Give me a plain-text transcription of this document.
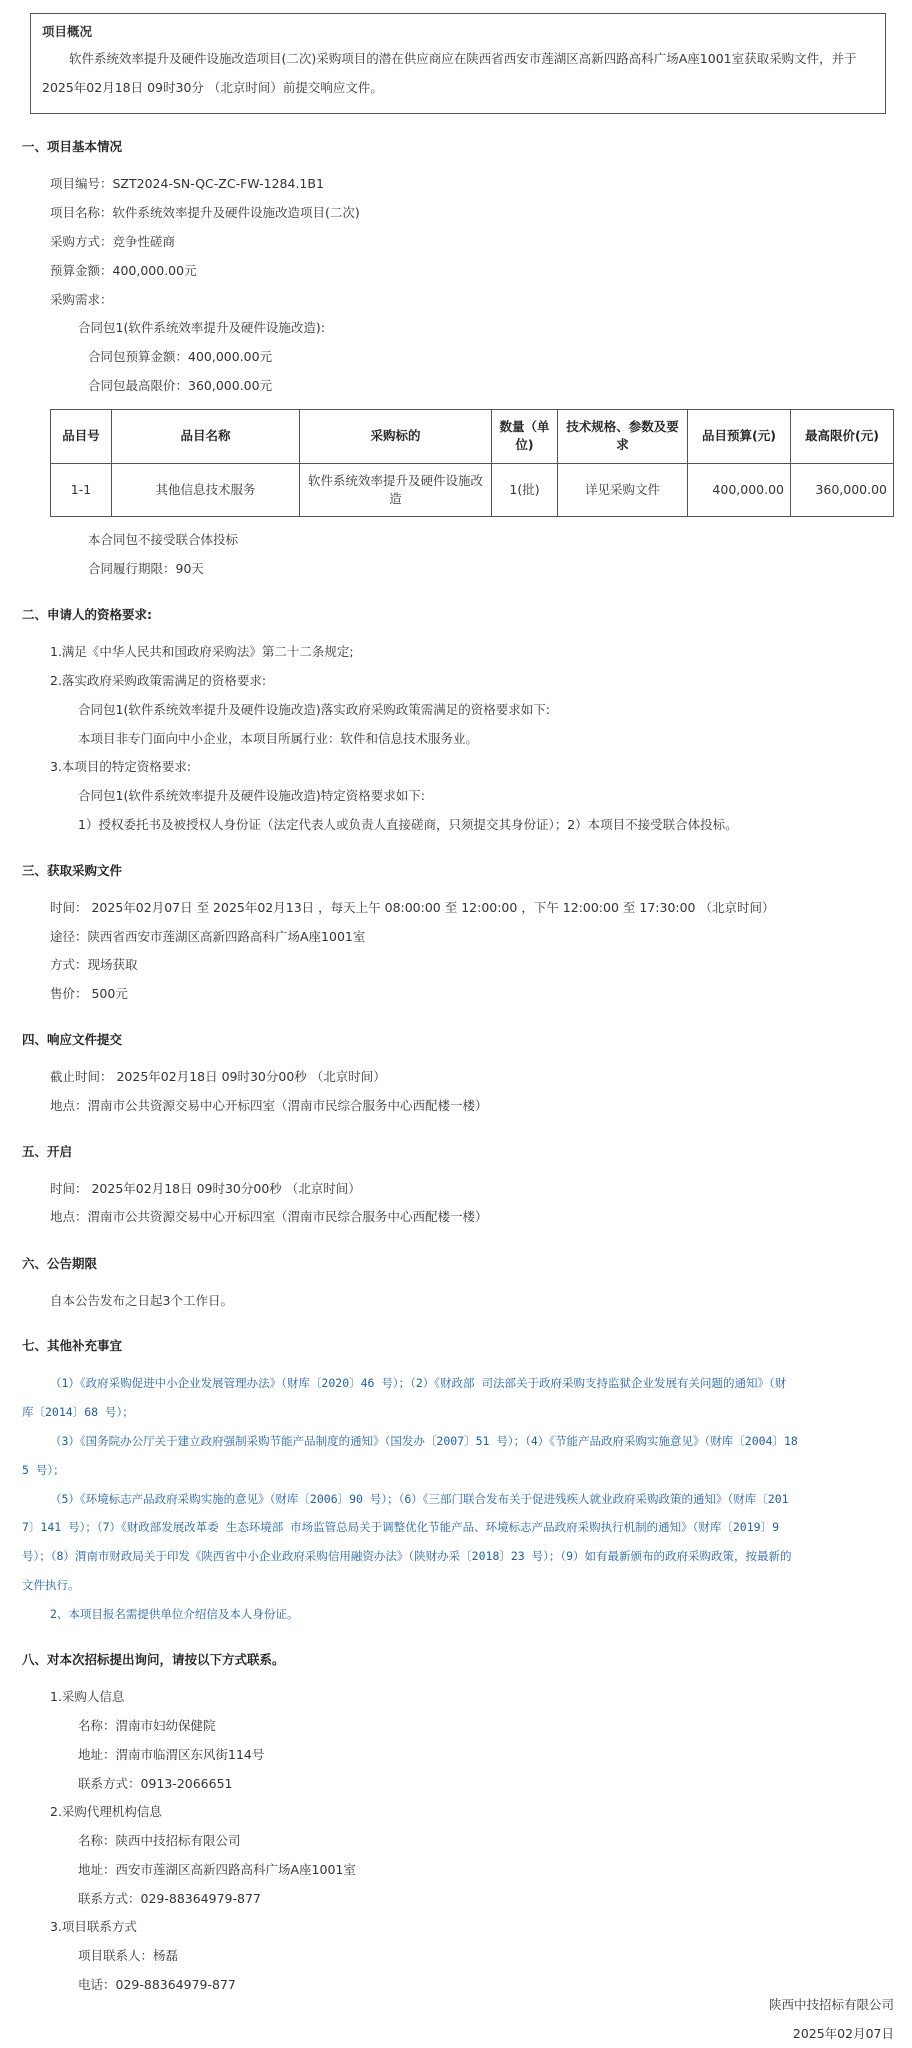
项目概况
软件系统效率提升及硬件设施改造项目(二次)采购项目的潜在供应商应在陕西省西安市莲湖区高新四路高科广场A座1001室获取采购文件，并于
2025年02月18日 09时30分 （北京时间）前提交响应文件。
一、项目基本情况
项目编号：SZT2024-SN-QC-ZC-FW-1284.1B1
项目名称：软件系统效率提升及硬件设施改造项目(二次)
采购方式：竞争性磋商
预算金额：400,000.00元
采购需求：
合同包1(软件系统效率提升及硬件设施改造):
合同包预算金额：400,000.00元
合同包最高限价：360,000.00元
品目号	品目名称	采购标的	数量（单位)	技术规格、参数及要求	品目预算(元)	最高限价(元)
1-1	其他信息技术服务	软件系统效率提升及硬件设施改造	1(批)	详见采购文件	400,000.00	360,000.00
本合同包不接受联合体投标
合同履行期限：90天
二、申请人的资格要求:
1.满足《中华人民共和国政府采购法》第二十二条规定;
2.落实政府采购政策需满足的资格要求:
合同包1(软件系统效率提升及硬件设施改造)落实政府采购政策需满足的资格要求如下:
本项目非专门面向中小企业，本项目所属行业：软件和信息技术服务业。
3.本项目的特定资格要求:
合同包1(软件系统效率提升及硬件设施改造)特定资格要求如下:
1）授权委托书及被授权人身份证（法定代表人或负责人直接磋商，只须提交其身份证）；2）本项目不接受联合体投标。
三、获取采购文件
时间： 2025年02月07日 至 2025年02月13日 ，每天上午 08:00:00 至 12:00:00 ，下午 12:00:00 至 17:30:00 （北京时间）
途径：陕西省西安市莲湖区高新四路高科广场A座1001室
方式：现场获取
售价： 500元
四、响应文件提交
截止时间： 2025年02月18日 09时30分00秒 （北京时间）
地点：渭南市公共资源交易中心开标四室（渭南市民综合服务中心西配楼一楼）
五、开启
时间： 2025年02月18日 09时30分00秒 （北京时间）
地点：渭南市公共资源交易中心开标四室（渭南市民综合服务中心西配楼一楼）
六、公告期限
自本公告发布之日起3个工作日。
七、其他补充事宜
（1）《政府采购促进中小企业发展管理办法》（财库〔2020〕46 号）；（2）《财政部 司法部关于政府采购支持监狱企业发展有关问题的通知》（财
库〔2014〕68 号）；
（3）《国务院办公厅关于建立政府强制采购节能产品制度的通知》（国发办〔2007〕51 号）；（4）《节能产品政府采购实施意见》（财库〔2004〕18
5 号）；
（5）《环境标志产品政府采购实施的意见》（财库〔2006〕90 号）；（6）《三部门联合发布关于促进残疾人就业政府采购政策的通知》（财库〔201
7〕141 号）；（7）《财政部发展改革委 生态环境部 市场监管总局关于调整优化节能产品、环境标志产品政府采购执行机制的通知》（财库〔2019〕9
号）；（8）渭南市财政局关于印发《陕西省中小企业政府采购信用融资办法》（陕财办采〔2018〕23 号）；（9）如有最新颁布的政府采购政策，按最新的
文件执行。
2、本项目报名需提供单位介绍信及本人身份证。
八、对本次招标提出询问，请按以下方式联系。
1.采购人信息
名称：渭南市妇幼保健院
地址：渭南市临渭区东风街114号
联系方式：0913-2066651
2.采购代理机构信息
名称：陕西中技招标有限公司
地址：西安市莲湖区高新四路高科广场A座1001室
联系方式：029-88364979-877
3.项目联系方式
项目联系人：杨磊
电话：029-88364979-877
陕西中技招标有限公司
2025年02月07日
